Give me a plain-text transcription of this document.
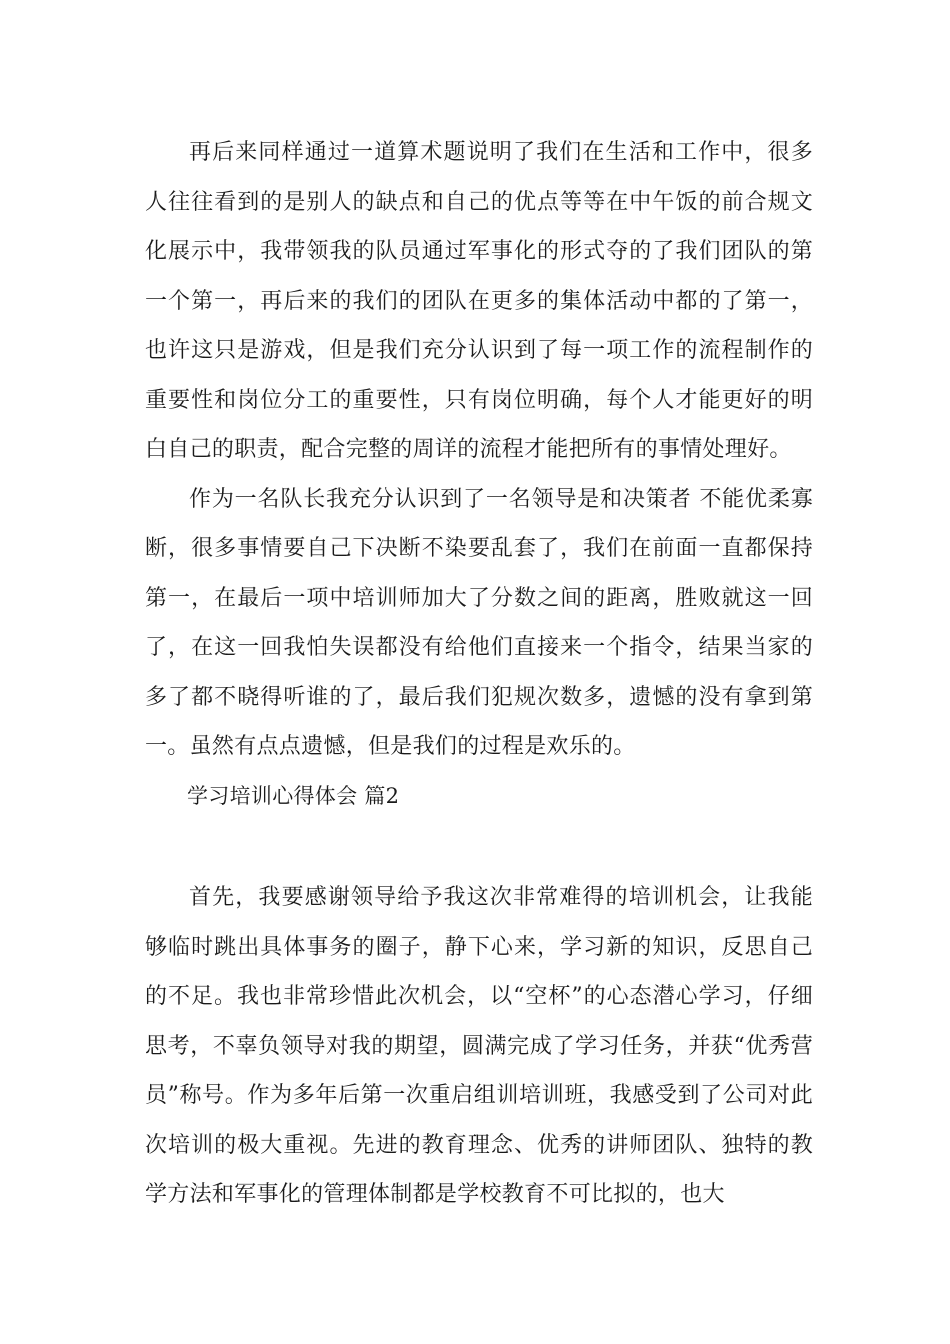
再后来同样通过一道算术题说明了我们在生活和工作中，很多人往往看到的是别人的缺点和自己的优点等等在中午饭的前合规文化展示中，我带领我的队员通过军事化的形式夺的了我们团队的第一个第一，再后来的我们的团队在更多的集体活动中都的了第一，也许这只是游戏，但是我们充分认识到了每一项工作的流程制作的重要性和岗位分工的重要性，只有岗位明确，每个人才能更好的明白自己的职责，配合完整的周详的流程才能把所有的事情处理好。

作为一名队长我充分认识到了一名领导是和决策者 不能优柔寡断，很多事情要自己下决断不染要乱套了，我们在前面一直都保持第一，在最后一项中培训师加大了分数之间的距离，胜败就这一回了，在这一回我怕失误都没有给他们直接来一个指令，结果当家的多了都不晓得听谁的了，最后我们犯规次数多，遗憾的没有拿到第一。虽然有点点遗憾，但是我们的过程是欢乐的。

学习培训心得体会 篇2

首先，我要感谢领导给予我这次非常难得的培训机会，让我能够临时跳出具体事务的圈子，静下心来，学习新的知识，反思自己的不足。我也非常珍惜此次机会，以“空杯”的心态潜心学习，仔细思考，不辜负领导对我的期望，圆满完成了学习任务，并获“优秀营员”称号。作为多年后第一次重启组训培训班，我感受到了公司对此次培训的极大重视。先进的教育理念、优秀的讲师团队、独特的教学方法和军事化的管理体制都是学校教育不可比拟的，也大
